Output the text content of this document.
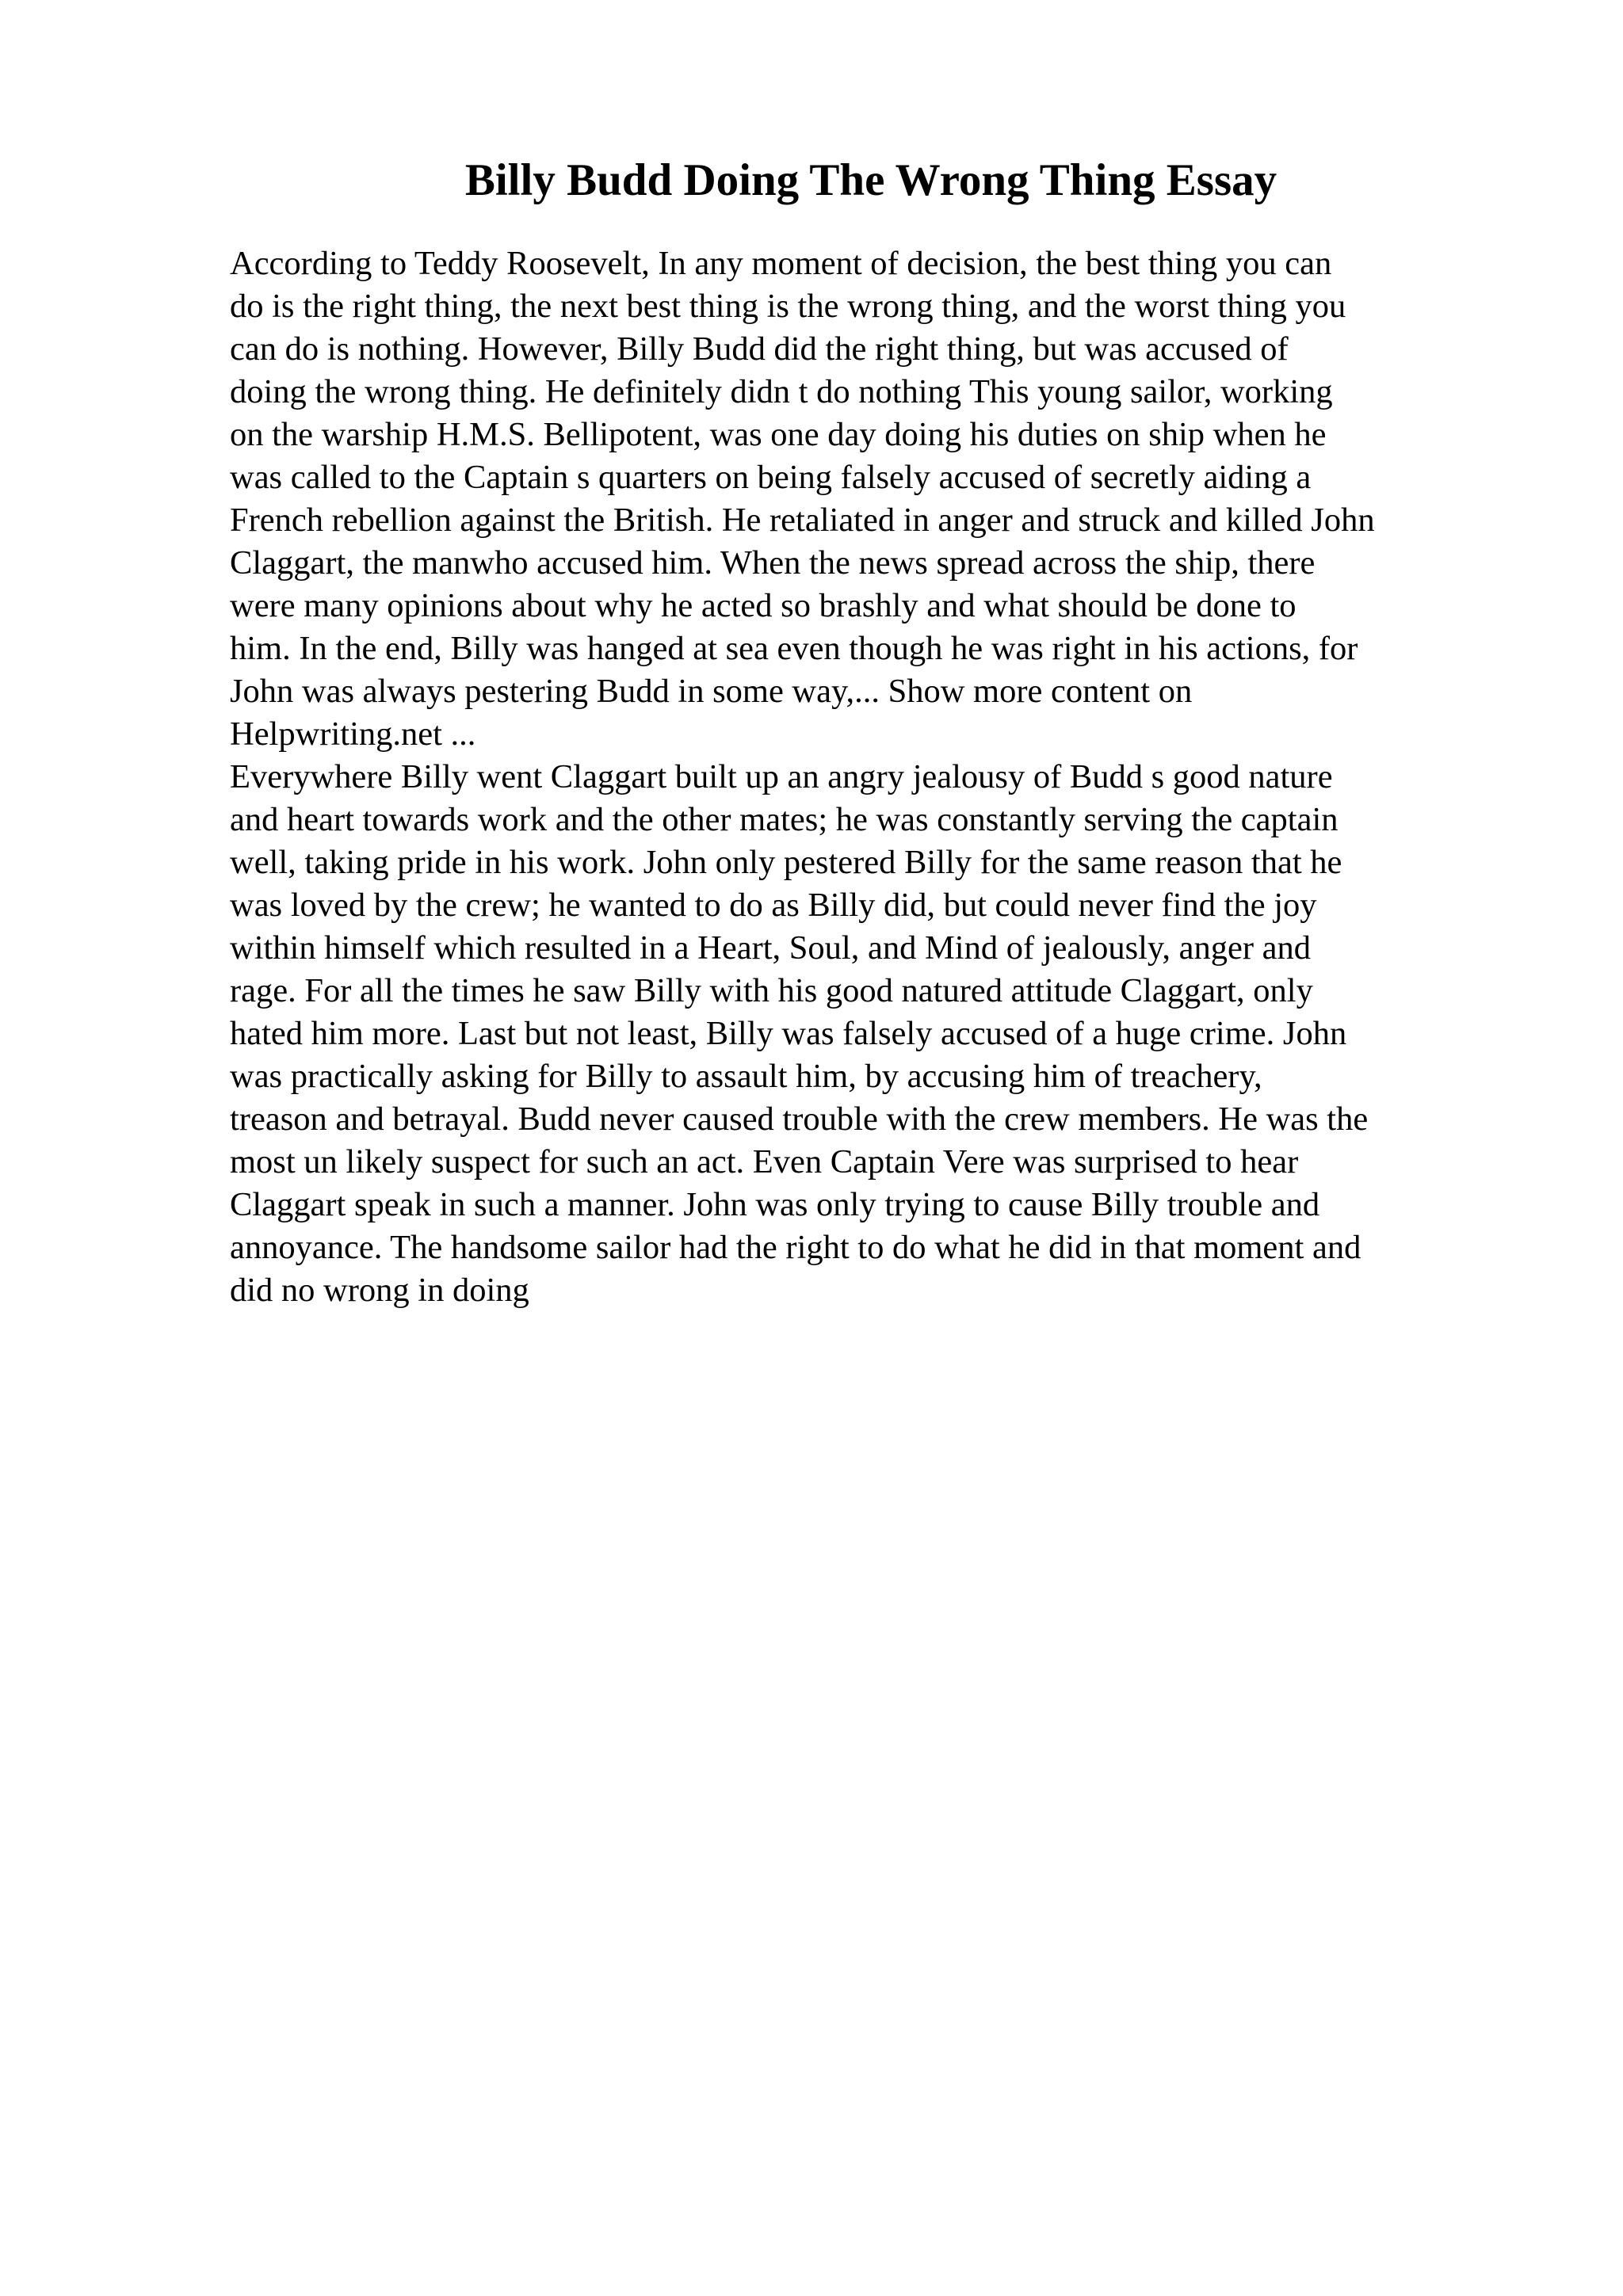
Billy Budd Doing The Wrong Thing Essay
According to Teddy Roosevelt, In any moment of decision, the best thing you can
do is the right thing, the next best thing is the wrong thing, and the worst thing you
can do is nothing. However, Billy Budd did the right thing, but was accused of
doing the wrong thing. He definitely didn t do nothing This young sailor, working
on the warship H.M.S. Bellipotent, was one day doing his duties on ship when he
was called to the Captain s quarters on being falsely accused of secretly aiding a
French rebellion against the British. He retaliated in anger and struck and killed John
Claggart, the manwho accused him. When the news spread across the ship, there
were many opinions about why he acted so brashly and what should be done to
him. In the end, Billy was hanged at sea even though he was right in his actions, for
John was always pestering Budd in some way,... Show more content on
Helpwriting.net ...
Everywhere Billy went Claggart built up an angry jealousy of Budd s good nature
and heart towards work and the other mates; he was constantly serving the captain
well, taking pride in his work. John only pestered Billy for the same reason that he
was loved by the crew; he wanted to do as Billy did, but could never find the joy
within himself which resulted in a Heart, Soul, and Mind of jealously, anger and
rage. For all the times he saw Billy with his good natured attitude Claggart, only
hated him more. Last but not least, Billy was falsely accused of a huge crime. John
was practically asking for Billy to assault him, by accusing him of treachery,
treason and betrayal. Budd never caused trouble with the crew members. He was the
most un likely suspect for such an act. Even Captain Vere was surprised to hear
Claggart speak in such a manner. John was only trying to cause Billy trouble and
annoyance. The handsome sailor had the right to do what he did in that moment and
did no wrong in doing
